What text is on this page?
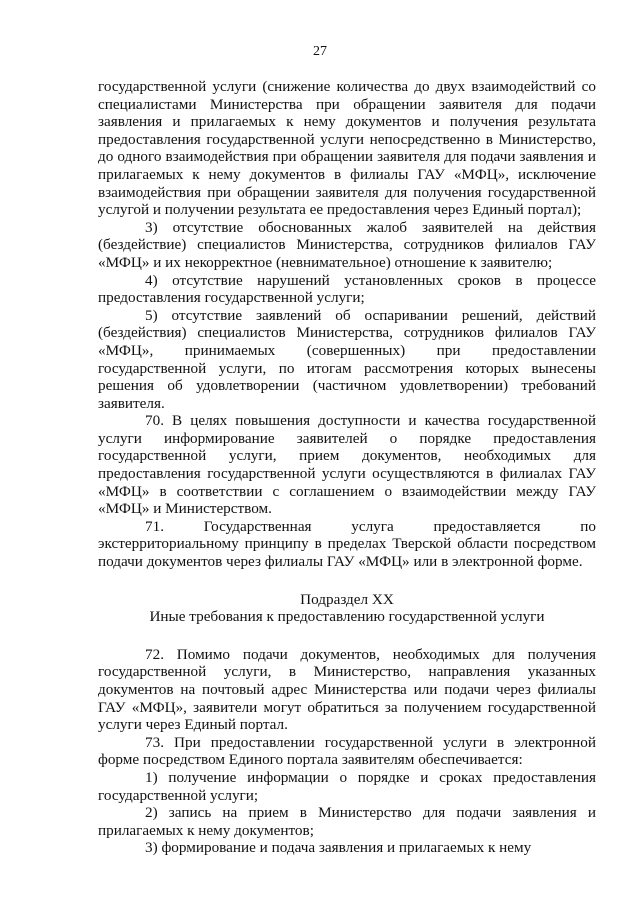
27

государственной услуги (снижение количества до двух взаимодействий со специалистами Министерства при обращении заявителя для подачи заявления и прилагаемых к нему документов и получения результата предоставления государственной услуги непосредственно в Министерство, до одного взаимодействия при обращении заявителя для подачи заявления и прилагаемых к нему документов в филиалы ГАУ «МФЦ», исключение взаимодействия при обращении заявителя для получения государственной услугой и получении результата ее предоставления через Единый портал);

3) отсутствие обоснованных жалоб заявителей на действия (бездействие) специалистов Министерства, сотрудников филиалов ГАУ «МФЦ» и их некорректное (невнимательное) отношение к заявителю;

4) отсутствие нарушений установленных сроков в процессе предоставления государственной услуги;

5) отсутствие заявлений об оспаривании решений, действий (бездействия) специалистов Министерства, сотрудников филиалов ГАУ «МФЦ», принимаемых (совершенных) при предоставлении государственной услуги, по итогам рассмотрения которых вынесены решения об удовлетворении (частичном удовлетворении) требований заявителя.

70. В целях повышения доступности и качества государственной услуги информирование заявителей о порядке предоставления государственной услуги, прием документов, необходимых для предоставления государственной услуги осуществляются в филиалах ГАУ «МФЦ» в соответствии с соглашением о взаимодействии между ГАУ «МФЦ» и Министерством.

71. Государственная услуга предоставляется по экстерриториальному принципу в пределах Тверской области посредством подачи документов через филиалы ГАУ «МФЦ» или в электронной форме.

Подраздел XX

Иные требования к предоставлению государственной услуги

72. Помимо подачи документов, необходимых для получения государственной услуги, в Министерство, направления указанных документов на почтовый адрес Министерства или подачи через филиалы ГАУ «МФЦ», заявители могут обратиться за получением государственной услуги через Единый портал.

73. При предоставлении государственной услуги в электронной форме посредством Единого портала заявителям обеспечивается:

1) получение информации о порядке и сроках предоставления государственной услуги;

2) запись на прием в Министерство для подачи заявления и прилагаемых к нему документов;

3) формирование и подача заявления и прилагаемых к нему
